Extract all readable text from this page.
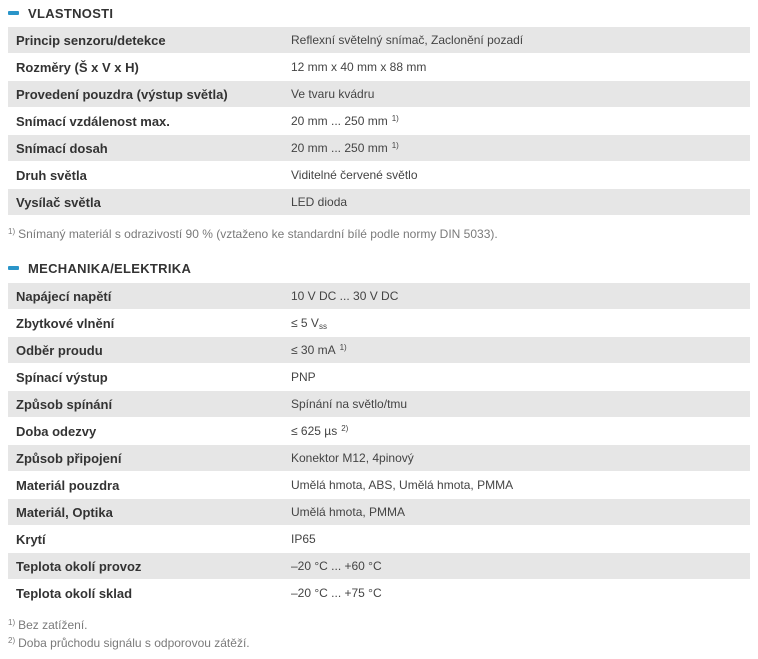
VLASTNOSTI
Princip senzoru/detekce	Reflexní světelný snímač, Zaclonění pozadí
Rozměry (Š x V x H)	12 mm x 40 mm x 88 mm
Provedení pouzdra (výstup světla)	Ve tvaru kvádru
Snímací vzdálenost max.	20 mm ... 250 mm $^{1)}$
Snímací dosah	20 mm ... 250 mm $^{1)}$
Druh světla	Viditelné červené světlo
Vysílač světla	LED dioda
$^{1)}$ Snímaný materiál s odrazivostí 90 % (vztaženo ke standardní bílé podle normy DIN 5033).
MECHANIKA/ELEKTRIKA
Napájecí napětí	10 V DC ... 30 V DC
Zbytkové vlnění	≤ 5 $V_{ss}$
Odběr proudu	≤ 30 mA $^{1)}$
Spínací výstup	PNP
Způsob spínání	Spínání na světlo/tmu
Doba odezvy	≤ 625 µs $^{2)}$
Způsob připojení	Konektor M12, 4pinový
Materiál pouzdra	Umělá hmota, ABS, Umělá hmota, PMMA
Materiál, Optika	Umělá hmota, PMMA
Krytí	IP65
Teplota okolí provoz	–20 °C ... +60 °C
Teplota okolí sklad	–20 °C ... +75 °C
$^{1)}$ Bez zatížení.
$^{2)}$ Doba průchodu signálu s odporovou zátěží.
